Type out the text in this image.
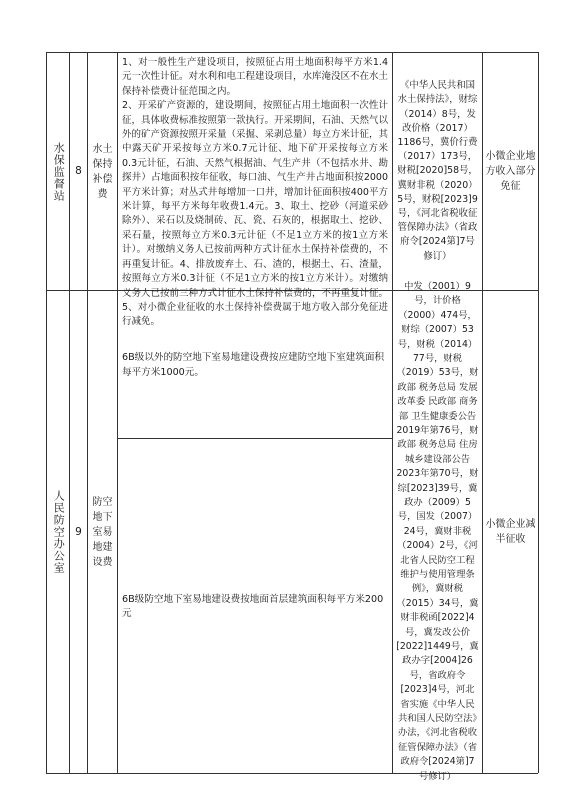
水保监督站 8
水土保持补偿费
1、对一般性生产建设项目，按照征占用土地面积每平方米1.4元一次性计征。对水利和电工程建设项目，水库淹没区不在水土保持补偿费计征范围之内。
2、开采矿产资源的，建设期间，按照征占用土地面积一次性计征，具体收费标准按照第一款执行。开采期间，石油、天然气以外的矿产资源按照开采量（采掘、采剥总量）每立方米计征，其中露天矿开采按每立方米0.7元计征、地下矿开采按每立方米0.3元计征，石油、天然气根据油、气生产井（不包括水井、勘探井）占地面积按年征收，每口油、气生产井占地面积按2000平方米计算；对丛式井每增加一口井，增加计征面积按400平方米计算，每平方米每年收费1.4元。3、取土、挖砂（河道采砂除外）、采石以及烧制砖、瓦、瓷、石灰的，根据取土、挖砂、采石量，按照每立方米0.3元计征（不足1立方米的按1立方米计）。对缴纳义务人已按前两种方式计征水土保持补偿费的，不再重复计征。4、排放废弃土、石、渣的，根据土、石、渣量，按照每立方米0.3计征（不足1立方米的按1立方米计）。对缴纳义务人已按前三种方式计征水土保持补偿费的，不再重复计征。5、对小微企业征收的水土保持补偿费属于地方收入部分免征进行减免。
《中华人民共和国水土保持法》，财综（2014）8号，发改价格（2017）1186号，冀价行费（2017）173号，财税[2020]58号，冀财非税（2020）5号，财税[2023]9号，《河北省税收征管保障办法》（省政府令[2024第]7号修订）
小微企业地方收入部分免征
人民防空办公室 9
防空地下室易地建设费
6B级以外的防空地下室易地建设费按应建防空地下室建筑面积每平方米1000元。
6B级防空地下室易地建设费按地面首层建筑面积每平方米200元
中发（2001）9号，计价格（2000）474号，财综（2007）53号，财税（2014）77号，财税（2019）53号，财政部 税务总局 发展改革委 民政部 商务部 卫生健康委公告2019年第76号，财政部 税务总局 住房城乡建设部公告2023年第70号，财综[2023]39号，冀政办（2009）5号，国发（2007）24号，冀财非税（2004）2号，《河北省人民防空工程维护与使用管理条例》，冀财税（2015）34号，冀财非税函[2022]4号，冀发改公价[2022]1449号，冀政办字[2004]26号，省政府令[2023]4号，河北省实施《中华人民共和国人民防空法》办法，《河北省税收征管保障办法》（省政府令[2024第]7号修订）
小微企业减半征收
